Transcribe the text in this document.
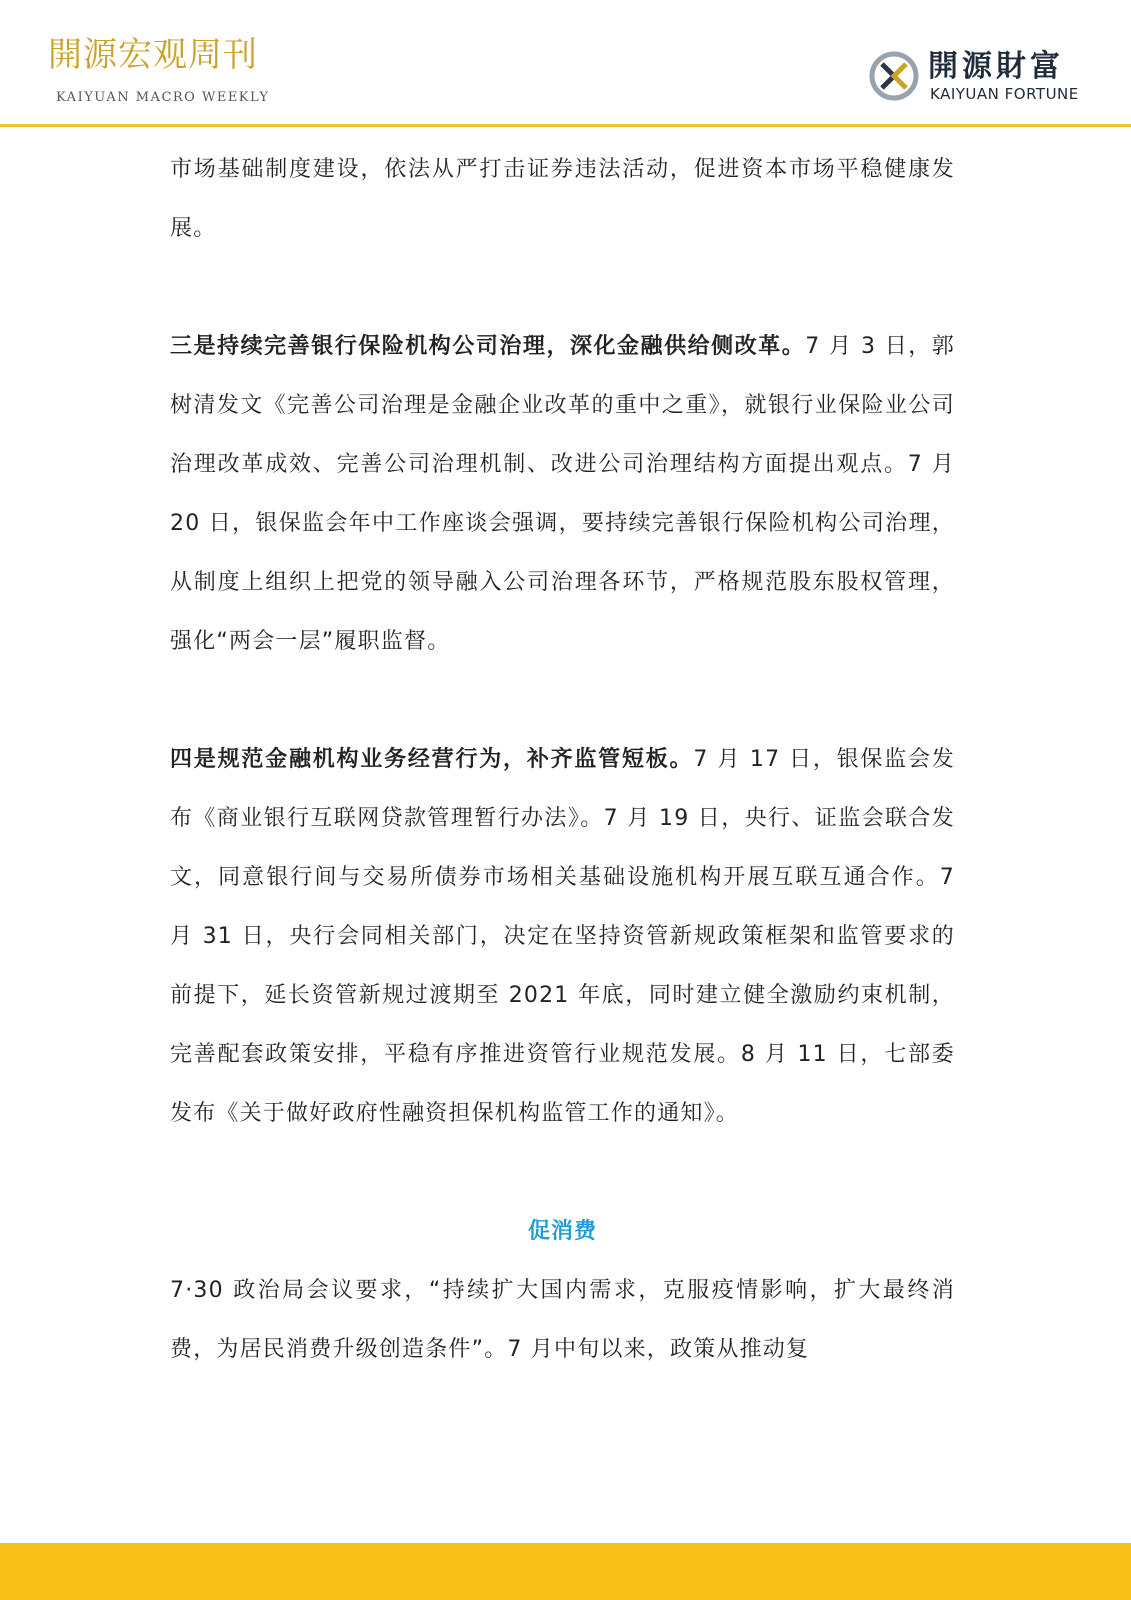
開源宏观周刊
KAIYUAN MACRO WEEKLY
開源財富
KAIYUAN FORTUNE

市场基础制度建设，依法从严打击证券违法活动，促进资本市场平稳健康发展。

三是持续完善银行保险机构公司治理，深化金融供给侧改革。7 月 3 日，郭树清发文《完善公司治理是金融企业改革的重中之重》，就银行业保险业公司治理改革成效、完善公司治理机制、改进公司治理结构方面提出观点。7 月 20 日，银保监会年中工作座谈会强调，要持续完善银行保险机构公司治理，从制度上组织上把党的领导融入公司治理各环节，严格规范股东股权管理，强化“两会一层”履职监督。

四是规范金融机构业务经营行为，补齐监管短板。7 月 17 日，银保监会发布《商业银行互联网贷款管理暂行办法》。7 月 19 日，央行、证监会联合发文，同意银行间与交易所债券市场相关基础设施机构开展互联互通合作。7 月 31 日，央行会同相关部门，决定在坚持资管新规政策框架和监管要求的前提下，延长资管新规过渡期至 2021 年底，同时建立健全激励约束机制，完善配套政策安排，平稳有序推进资管行业规范发展。8 月 11 日，七部委发布《关于做好政府性融资担保机构监管工作的通知》。

促消费

7·30 政治局会议要求，“持续扩大国内需求，克服疫情影响，扩大最终消费，为居民消费升级创造条件”。7 月中旬以来，政策从推动复
